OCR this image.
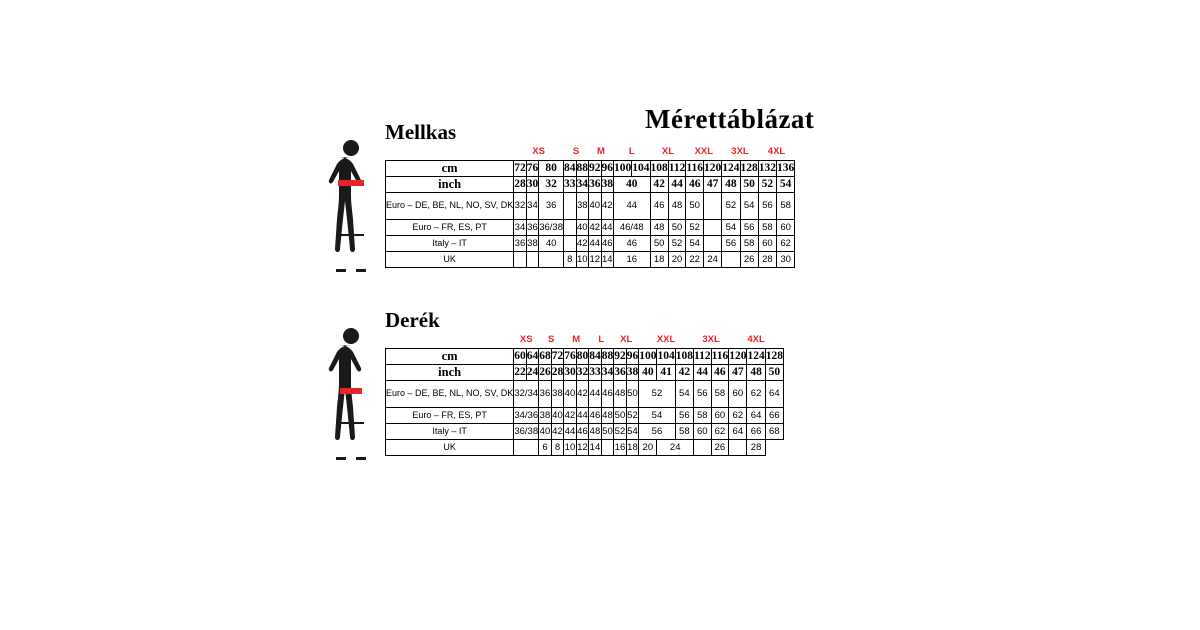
Mérettáblázat
Mellkas
	XS			S		M		L		XL		XXL		3XL		4XL	
cm	72	76	80	84	88	92	96	100	104	108	112	116	120	124	128	132	136
inch	28	30	32	33	34	36	38	40		42	44	46	47	48	50	52	54
Euro – DE, BE, NL, NO, SV, DK	32	34	36		38	40	42	44		46	48	50		52	54	56	58
Euro – FR, ES, PT	34	36	36/38		40	42	44	46/48		48	50	52		54	56	58	60
Italy – IT	36	38	40		42	44	46	46		50	52	54		56	58	60	62
UK				8	10	12	14	16		18	20	22	24		26	28	30
Derék
	XS		S		M		L		XL		XXL			3XL		4XL		
cm	60	64	68	72	76	80	84	88	92	96	100	104	108	112	116	120	124	128
inch	22	24	26	28	30	32	33	34	36	38	40	41	42	44	46	47	48	50
Euro – DE, BE, NL, NO, SV, DK	32/34		36	38	40	42	44	46	48	50	52		54	56	58	60	62	64
Euro – FR, ES, PT	34/36		38	40	42	44	46	48	50	52	54		56	58	60	62	64	66
Italy – IT	36/38		40	42	44	46	48	50	52	54	56		58	60	62	64	66	68
UK			6	8	10	12	14		16	18	20	24			26		28	
